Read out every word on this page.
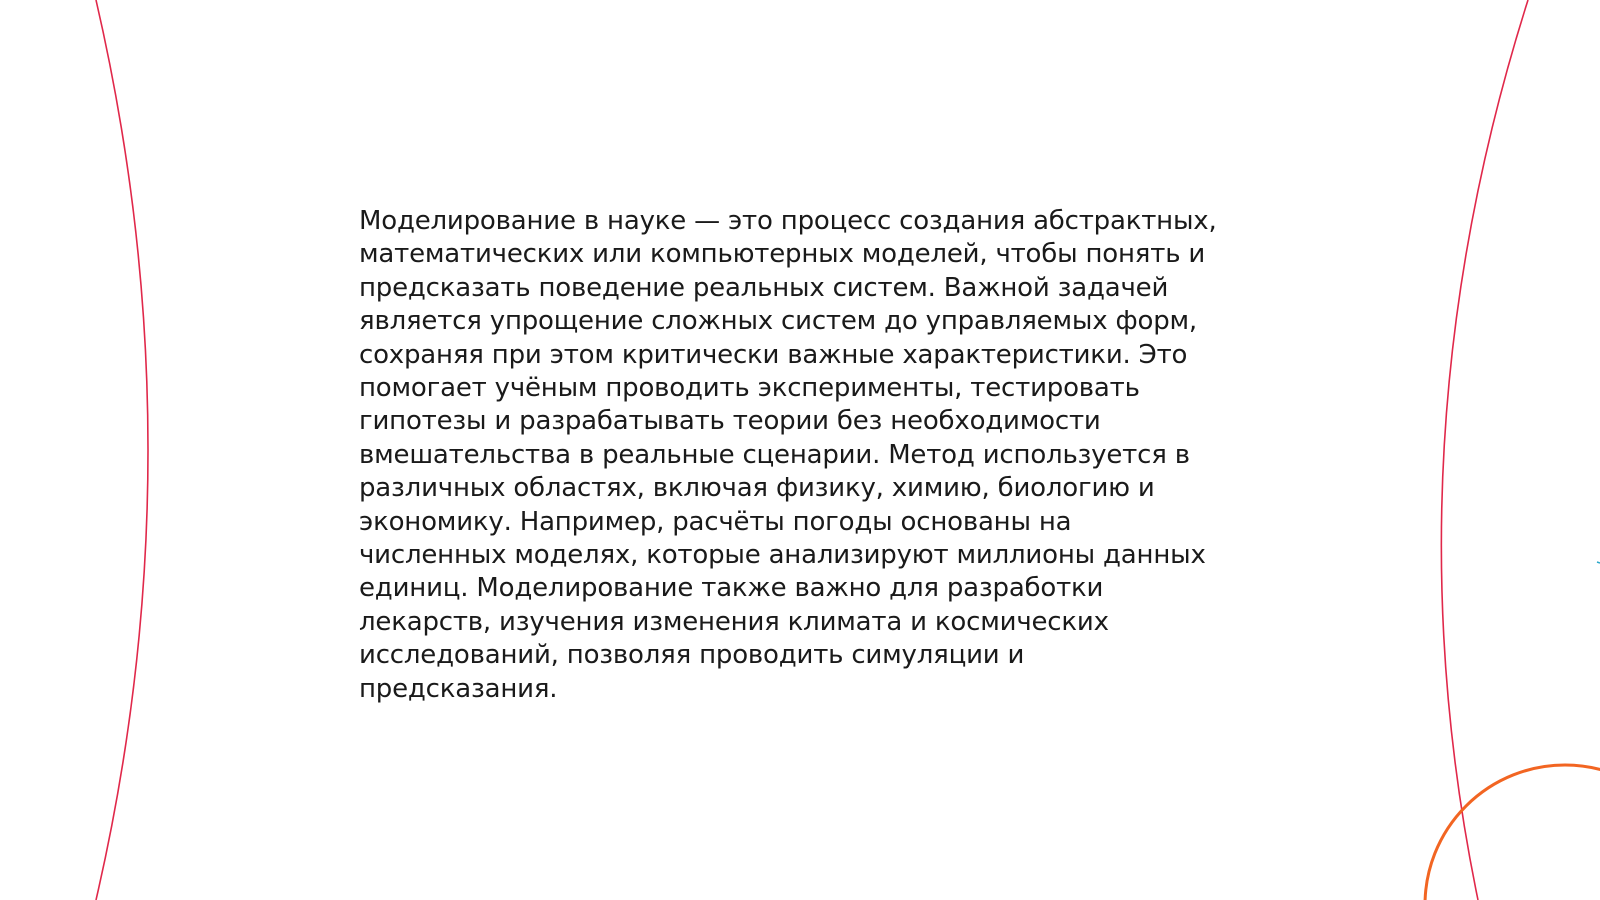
Моделирование в науке — это процесс создания абстрактных,
математических или компьютерных моделей, чтобы понять и
предсказать поведение реальных систем. Важной задачей
является упрощение сложных систем до управляемых форм,
сохраняя при этом критически важные характеристики. Это
помогает учёным проводить эксперименты, тестировать
гипотезы и разрабатывать теории без необходимости
вмешательства в реальные сценарии. Метод используется в
различных областях, включая физику, химию, биологию и
экономику. Например, расчёты погоды основаны на
численных моделях, которые анализируют миллионы данных
единиц. Моделирование также важно для разработки
лекарств, изучения изменения климата и космических
исследований, позволяя проводить симуляции и
предсказания.
